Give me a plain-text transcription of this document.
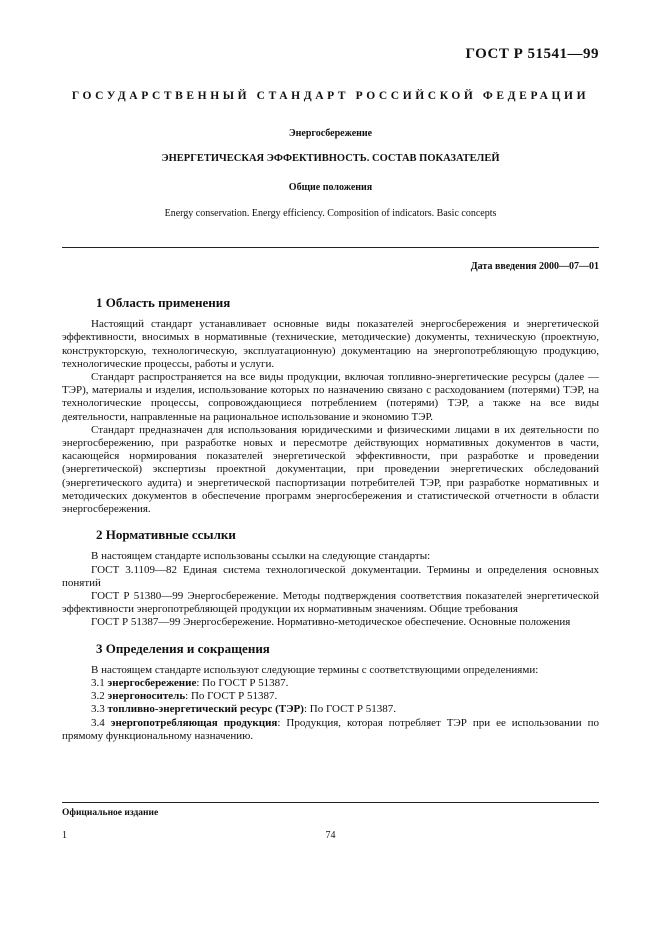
ГОСТ Р 51541—99
ГОСУДАРСТВЕННЫЙ СТАНДАРТ РОССИЙСКОЙ ФЕДЕРАЦИИ
Энергосбережение
ЭНЕРГЕТИЧЕСКАЯ ЭФФЕКТИВНОСТЬ. СОСТАВ ПОКАЗАТЕЛЕЙ
Общие положения
Energy conservation. Energy efficiency. Composition of indicators. Basic concepts
Дата введения 2000—07—01
1 Область применения

Настоящий стандарт устанавливает основные виды показателей энергосбережения и энергетической эффективности, вносимых в нормативные (технические, методические) документы, техническую (проектную, конструкторскую, технологическую, эксплуатационную) документацию на энергопотребляющую продукцию, технологические процессы, работы и услуги.

Стандарт распространяется на все виды продукции, включая топливно-энергетические ресурсы (далее — ТЭР), материалы и изделия, использование которых по назначению связано с расходованием (потерями) ТЭР, на технологические процессы, сопровождающиеся потреблением (потерями) ТЭР, а также на все виды деятельности, направленные на рациональное использование и экономию ТЭР.

Стандарт предназначен для использования юридическими и физическими лицами в их деятельности по энергосбережению, при разработке новых и пересмотре действующих нормативных документов в части, касающейся нормирования показателей энергетической эффективности, при разработке и проведении (энергетической) экспертизы проектной документации, при проведении энергетических обследований (энергетического аудита) и энергетической паспортизации потребителей ТЭР, при разработке нормативных и методических документов в обеспечение программ энергосбережения и статистической отчетности в области энергосбережения.

2 Нормативные ссылки

В настоящем стандарте использованы ссылки на следующие стандарты:

ГОСТ 3.1109—82 Единая система технологической документации. Термины и определения основных понятий

ГОСТ Р 51380—99 Энергосбережение. Методы подтверждения соответствия показателей энергетической эффективности энергопотребляющей продукции их нормативным значениям. Общие требования

ГОСТ Р 51387—99 Энергосбережение. Нормативно-методическое обеспечение. Основные положения

3 Определения и сокращения

В настоящем стандарте используют следующие термины с соответствующими определениями:

3.1 энергосбережение: По ГОСТ Р 51387.

3.2 энергоноситель: По ГОСТ Р 51387.

3.3 топливно-энергетический ресурс (ТЭР): По ГОСТ Р 51387.

3.4 энергопотребляющая продукция: Продукция, которая потребляет ТЭР при ее использовании по прямому функциональному назначению.

Официальное издание
1	74
